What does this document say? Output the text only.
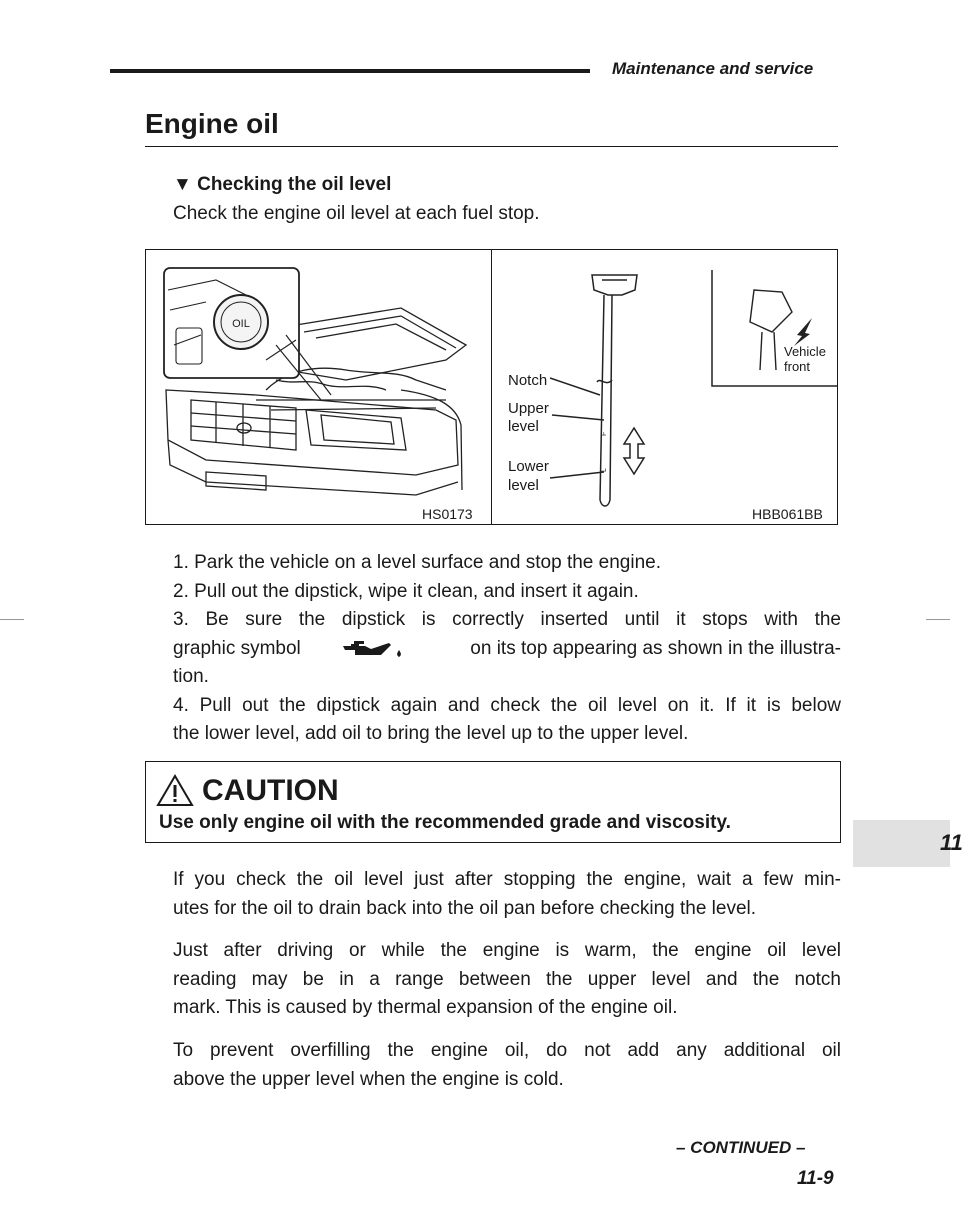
Maintenance and service
Engine oil
▼ Checking the oil level
Check the engine oil level at each fuel stop.
OIL
HS0173
F
L
Notch
Upper
level
Lower
level
Vehicle
front
HBB061BB
1. Park the vehicle on a level surface and stop the engine.
2. Pull out the dipstick, wipe it clean, and insert it again.
3. Be sure the dipstick is correctly inserted until it stops with the
graphic symbol	on its top appearing as shown in the illustra-
tion.
4. Pull out the dipstick again and check the oil level on it. If it is below
the lower level, add oil to bring the level up to the upper level.
CAUTION
Use only engine oil with the recommended grade and viscosity.
11
If you check the oil level just after stopping the engine, wait a few min-
utes for the oil to drain back into the oil pan before checking the level.
Just after driving or while the engine is warm, the engine oil level
reading may be in a range between the upper level and the notch
mark. This is caused by thermal expansion of the engine oil.
To prevent overfilling the engine oil, do not add any additional oil
above the upper level when the engine is cold.
– CONTINUED –
11-9
